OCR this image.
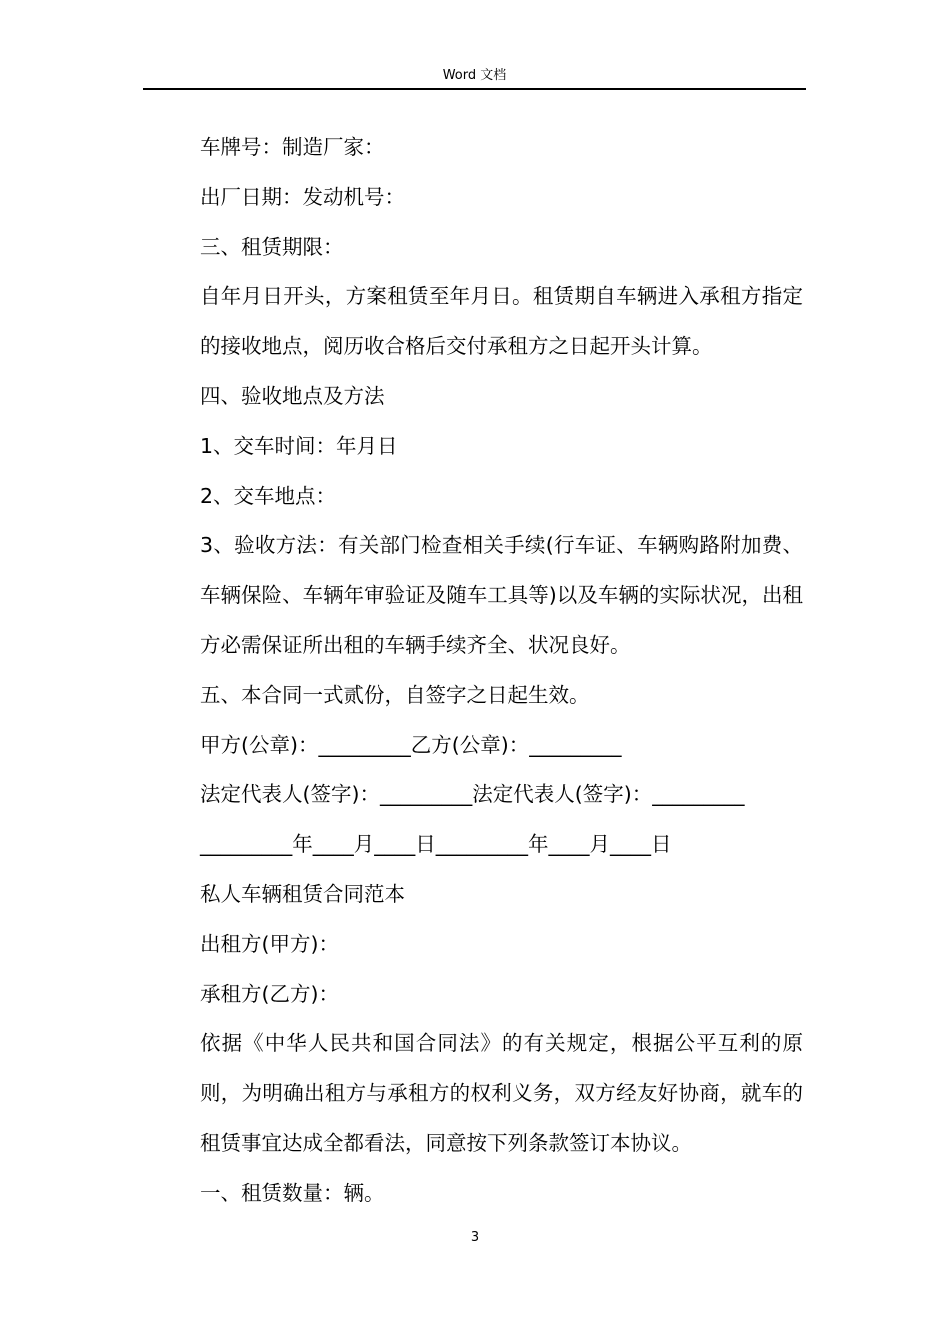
Word 文档

车牌号：制造厂家：

出厂日期：发动机号：

三、租赁期限：

自年月日开头，方案租赁至年月日。租赁期自车辆进入承租方指定的接收地点，阅历收合格后交付承租方之日起开头计算。

四、验收地点及方法

1、交车时间：年月日

2、交车地点：

3、验收方法：有关部门检查相关手续(行车证、车辆购路附加费、车辆保险、车辆年审验证及随车工具等)以及车辆的实际状况，出租方必需保证所出租的车辆手续齐全、状况良好。

五、本合同一式贰份，自签字之日起生效。

甲方(公章)：_________乙方(公章)：_________

法定代表人(签字)：_________法定代表人(签字)：_________

_________年____月____日_________年____月____日

私人车辆租赁合同范本

出租方(甲方)：

承租方(乙方)：

依据《中华人民共和国合同法》的有关规定，根据公平互利的原则，为明确出租方与承租方的权利义务，双方经友好协商，就车的租赁事宜达成全都看法，同意按下列条款签订本协议。

一、租赁数量：辆。

3
